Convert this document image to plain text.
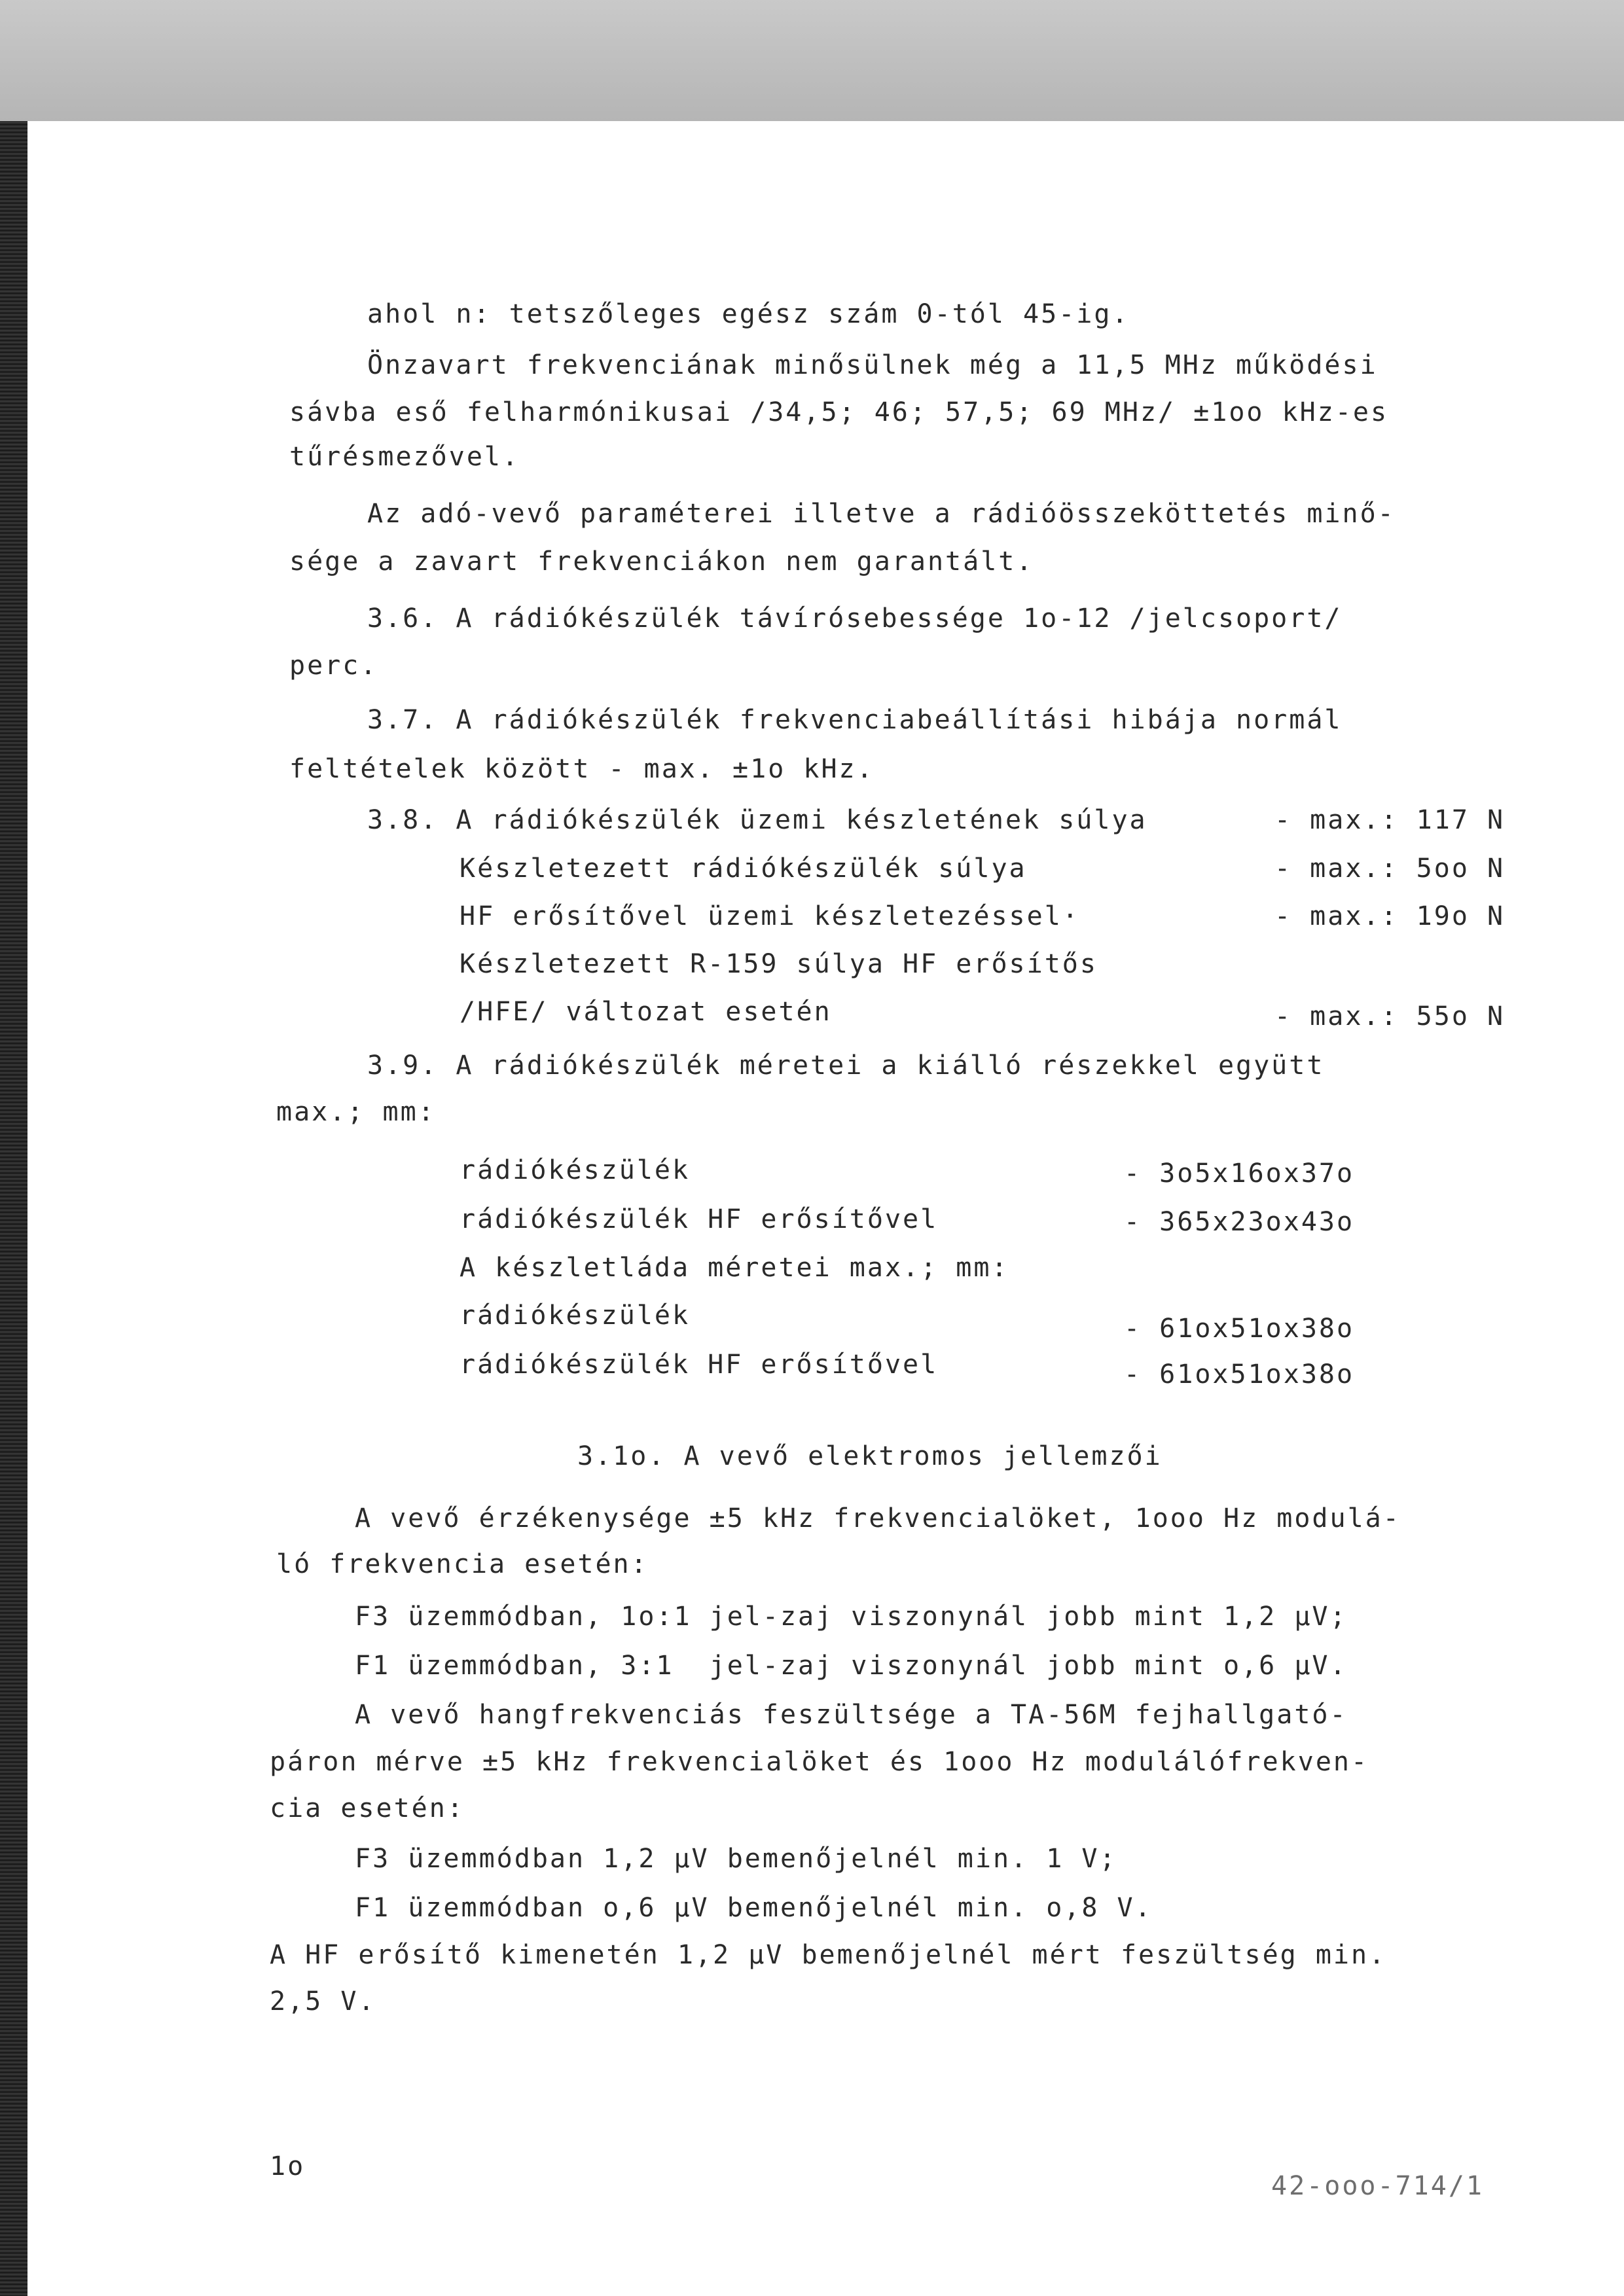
ahol n: tetszőleges egész szám 0-tól 45-ig.
Önzavart frekvenciának minősülnek még a 11,5 MHz működési
sávba eső felharmónikusai /34,5; 46; 57,5; 69 MHz/ ±1oo kHz-es
tűrésmezővel.
Az adó-vevő paraméterei illetve a rádióösszeköttetés minő-
sége a zavart frekvenciákon nem garantált.
3.6. A rádiókészülék távírósebessége 1o-12 /jelcsoport/
perc.
3.7. A rádiókészülék frekvenciabeállítási hibája normál
feltételek között - max. ±1o kHz.
3.8. A rádiókészülék üzemi készletének súlya	- max.: 117 N
Készletezett rádiókészülék súlya	- max.: 5oo N
HF erősítővel üzemi készletezéssel·	- max.: 19o N
Készletezett R-159 súlya HF erősítős
/HFE/ változat esetén	- max.: 55o N
3.9. A rádiókészülék méretei a kiálló részekkel együtt
max.; mm:
rádiókészülék	- 3o5x16ox37o
rádiókészülék HF erősítővel	- 365x23ox43o
A készletláda méretei max.; mm:
rádiókészülék	- 61ox51ox38o
rádiókészülék HF erősítővel	- 61ox51ox38o
3.1o. A vevő elektromos jellemzői
A vevő érzékenysége ±5 kHz frekvencialöket, 1ooo Hz modulá-
ló frekvencia esetén:
F3 üzemmódban, 1o:1 jel-zaj viszonynál jobb mint 1,2 µV;
F1 üzemmódban, 3:1  jel-zaj viszonynál jobb mint o,6 µV.
A vevő hangfrekvenciás feszültsége a TA-56M fejhallgató-
páron mérve ±5 kHz frekvencialöket és 1ooo Hz modulálófrekven-
cia esetén:
F3 üzemmódban 1,2 µV bemenőjelnél min. 1 V;
F1 üzemmódban o,6 µV bemenőjelnél min. o,8 V.
A HF erősítő kimenetén 1,2 µV bemenőjelnél mért feszültség min.
2,5 V.
1o
42-ooo-714/1
